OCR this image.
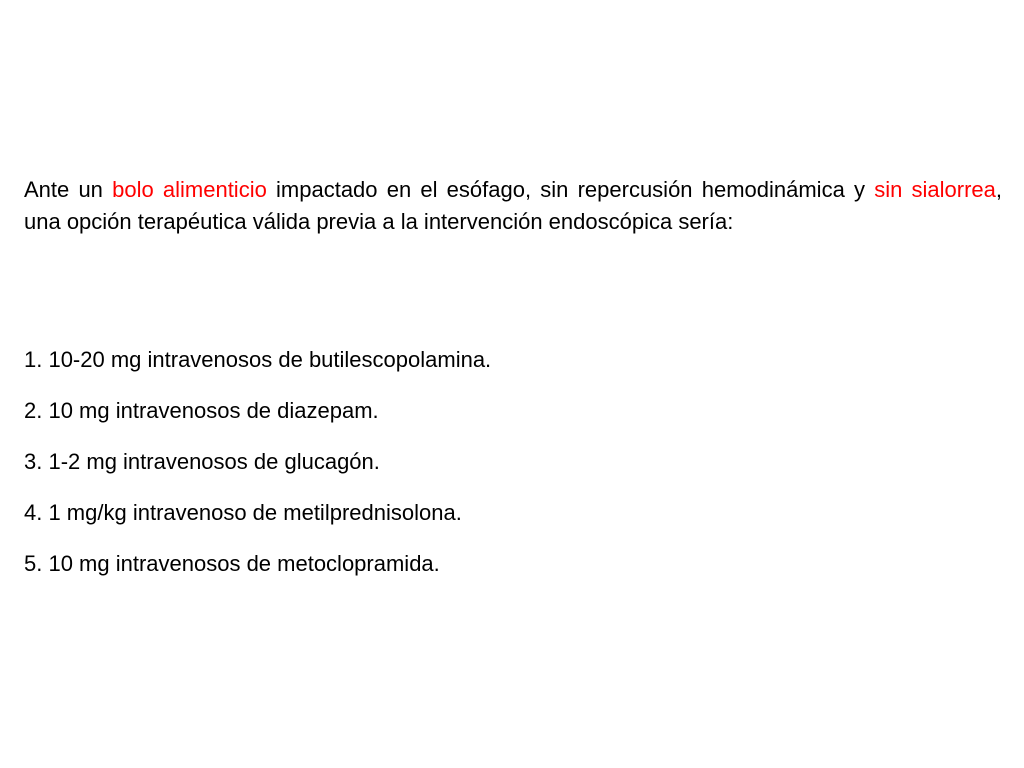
Ante un bolo alimenticio impactado en el esófago, sin repercusión hemodinámica y sin sialorrea, una opción terapéutica válida previa a la intervención endoscópica sería:

1. 10-20 mg intravenosos de butilescopolamina.
2. 10 mg intravenosos de diazepam.
3. 1-2 mg intravenosos de glucagón.
4. 1 mg/kg intravenoso de metilprednisolona.
5. 10 mg intravenosos de metoclopramida.
